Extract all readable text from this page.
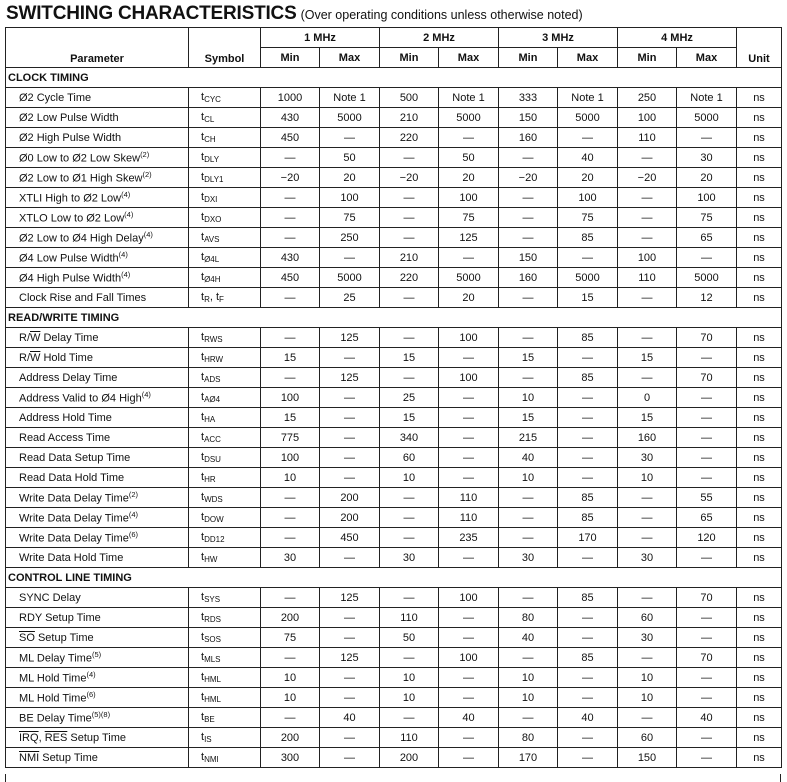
SWITCHING CHARACTERISTICS (Over operating conditions unless otherwise noted)
Parameter	Symbol	1 MHz		2 MHz		3 MHz		4 MHz		Unit
		Min	Max	Min	Max	Min	Max	Min	Max	
CLOCK TIMING										
Ø2 Cycle Time	tCYC	1000	Note 1	500	Note 1	333	Note 1	250	Note 1	ns
Ø2 Low Pulse Width	tCL	430	5000	210	5000	150	5000	100	5000	ns
Ø2 High Pulse Width	tCH	450	—	220	—	160	—	110	—	ns
Ø0 Low to Ø2 Low Skew$^{(2)}$	tDLY	—	50	—	50	—	40	—	30	ns
Ø2 Low to Ø1 High Skew$^{(2)}$	tDLY1	−20	20	−20	20	−20	20	−20	20	ns
XTLI High to Ø2 Low$^{(4)}$	tDXI	—	100	—	100	—	100	—	100	ns
XTLO Low to Ø2 Low$^{(4)}$	tDXO	—	75	—	75	—	75	—	75	ns
Ø2 Low to Ø4 High Delay$^{(4)}$	tAVS	—	250	—	125	—	85	—	65	ns
Ø4 Low Pulse Width$^{(4)}$	tØ4L	430	—	210	—	150	—	100	—	ns
Ø4 High Pulse Width$^{(4)}$	tØ4H	450	5000	220	5000	160	5000	110	5000	ns
Clock Rise and Fall Times	tR, tF	—	25	—	20	—	15	—	12	ns
READ/WRITE TIMING										
$R/\overline{W}$ Delay Time	tRWS	—	125	—	100	—	85	—	70	ns
$R/\overline{W}$ Hold Time	tHRW	15	—	15	—	15	—	15	—	ns
Address Delay Time	tADS	—	125	—	100	—	85	—	70	ns
Address Valid to Ø4 High$^{(4)}$	tAØ4	100	—	25	—	10	—	0	—	ns
Address Hold Time	tHA	15	—	15	—	15	—	15	—	ns
Read Access Time	tACC	775	—	340	—	215	—	160	—	ns
Read Data Setup Time	tDSU	100	—	60	—	40	—	30	—	ns
Read Data Hold Time	tHR	10	—	10	—	10	—	10	—	ns
Write Data Delay Time$^{(2)}$	tWDS	—	200	—	110	—	85	—	55	ns
Write Data Delay Time$^{(4)}$	tDOW	—	200	—	110	—	85	—	65	ns
Write Data Delay Time$^{(6)}$	tDD12	—	450	—	235	—	170	—	120	ns
Write Data Hold Time	tHW	30	—	30	—	30	—	30	—	ns
CONTROL LINE TIMING										
SYNC Delay	tSYS	—	125	—	100	—	85	—	70	ns
RDY Setup Time	tRDS	200	—	110	—	80	—	60	—	ns
$\overline{SO}$ Setup Time	tSOS	75	—	50	—	40	—	30	—	ns
ML Delay Time$^{(5)}$	tMLS	—	125	—	100	—	85	—	70	ns
ML Hold Time$^{(4)}$	tHML	10	—	10	—	10	—	10	—	ns
ML Hold Time$^{(6)}$	tHML	10	—	10	—	10	—	10	—	ns
BE Delay Time$^{(5)(8)}$	tBE	—	40	—	40	—	40	—	40	ns
$\overline{IRQ}$, $\overline{RES}$ Setup Time	tIS	200	—	110	—	80	—	60	—	ns
$\overline{NMI}$ Setup Time	tNMI	300	—	200	—	170	—	150	—	ns
